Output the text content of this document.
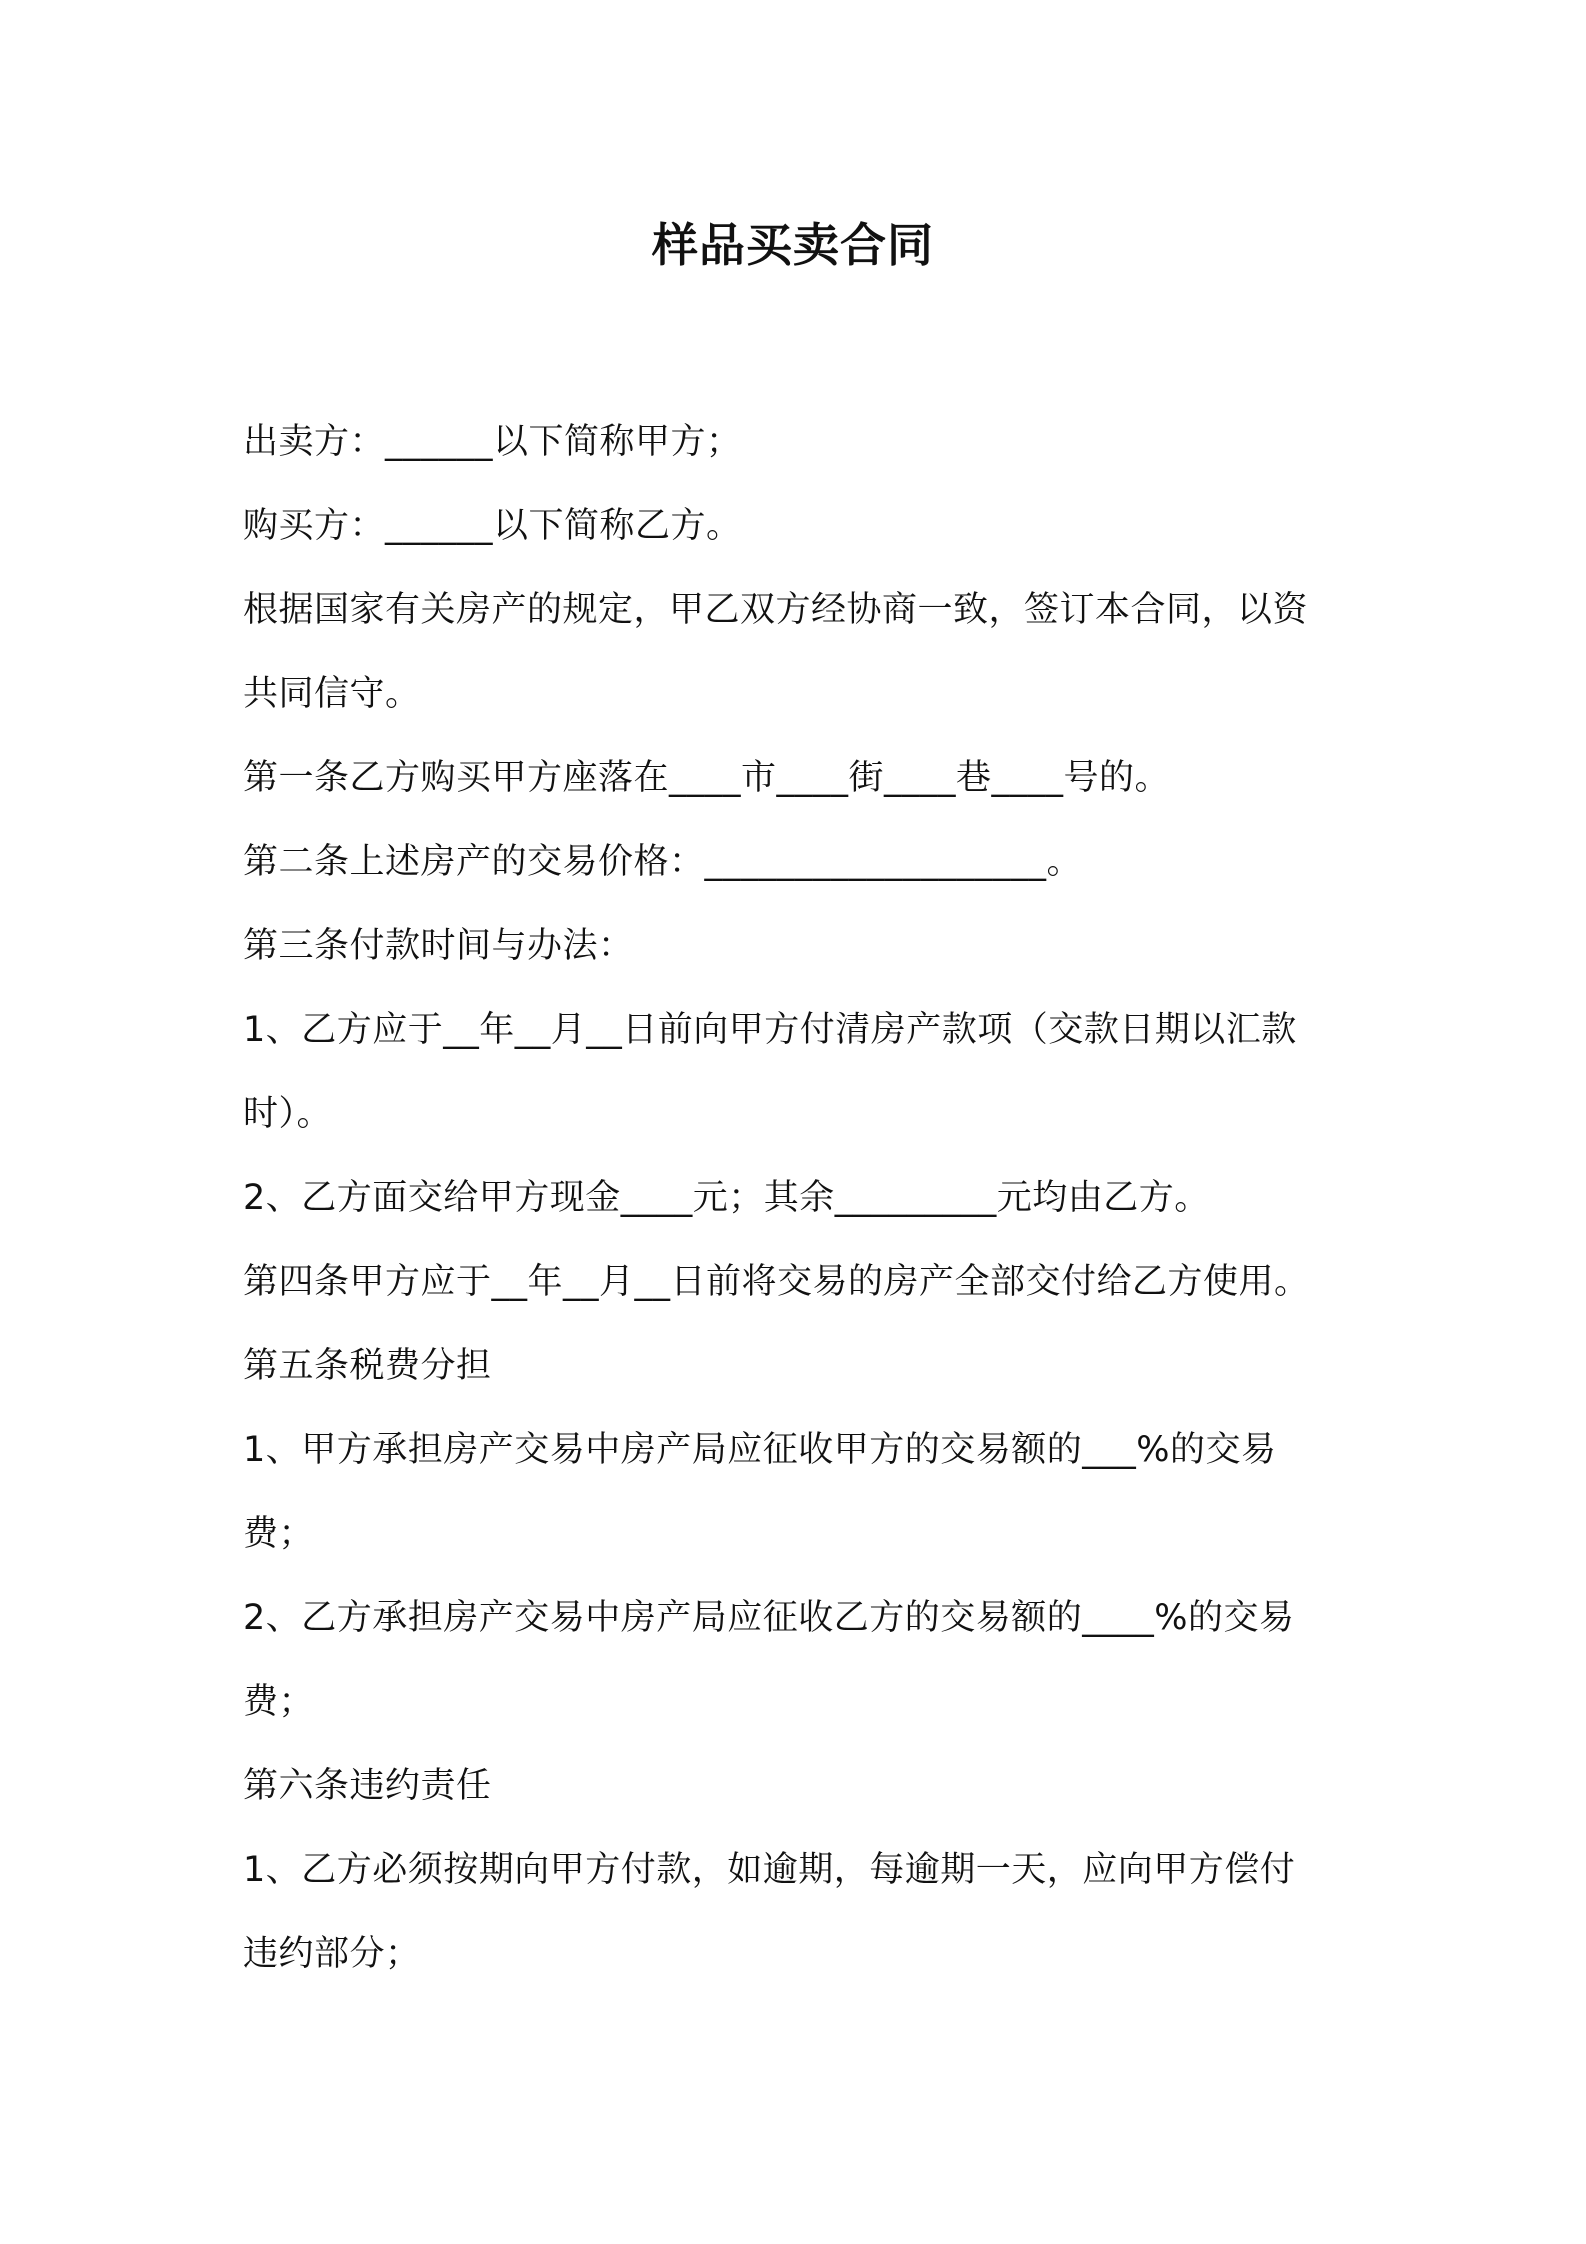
样品买卖合同
出卖方：______以下简称甲方；
购买方：______以下简称乙方。
根据国家有关房产的规定，甲乙双方经协商一致，签订本合同，以资
共同信守。
第一条乙方购买甲方座落在____市____街____巷____号的。
第二条上述房产的交易价格：___________________。
第三条付款时间与办法：
1、乙方应于__年__月__日前向甲方付清房产款项（交款日期以汇款
时）。
2、乙方面交给甲方现金____元；其余_________元均由乙方。
第四条甲方应于__年__月__日前将交易的房产全部交付给乙方使用。
第五条税费分担
1、甲方承担房产交易中房产局应征收甲方的交易额的___%的交易
费；
2、乙方承担房产交易中房产局应征收乙方的交易额的____%的交易
费；
第六条违约责任
1、乙方必须按期向甲方付款，如逾期，每逾期一天，应向甲方偿付
违约部分；
